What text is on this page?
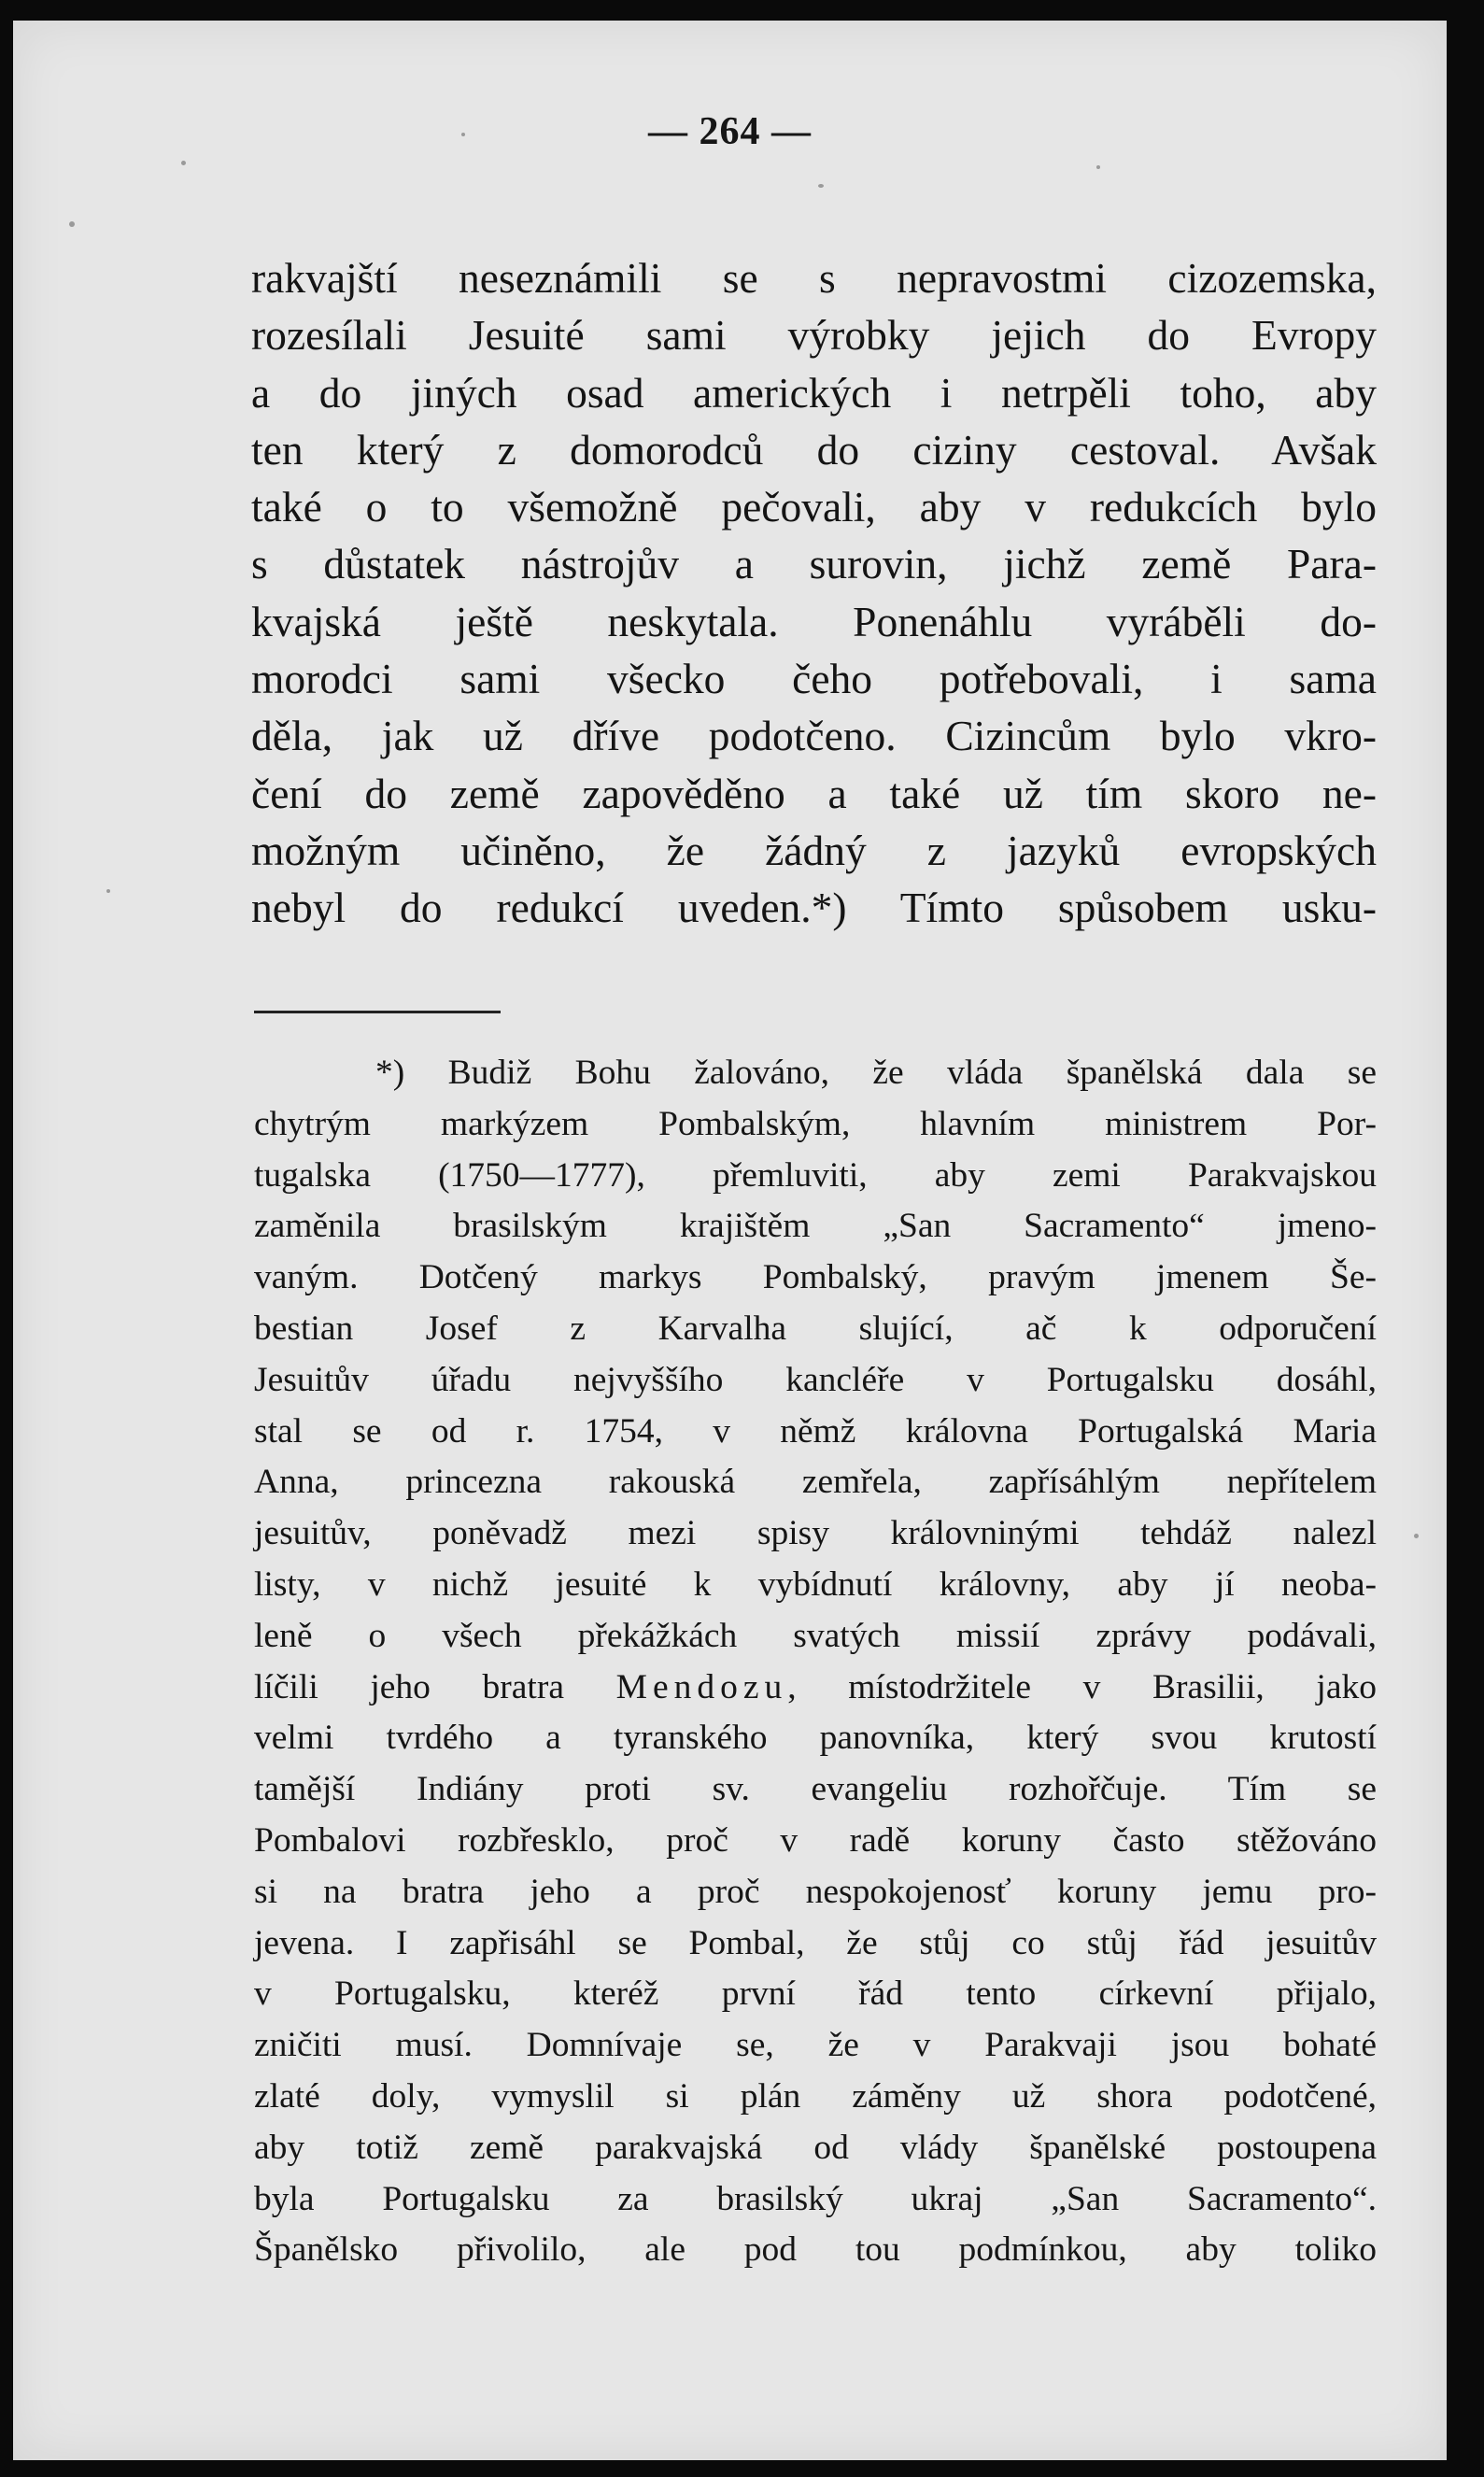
— 264 —
rakvajští neseznámili se s nepravostmi cizozemska,
rozesílali Jesuité sami výrobky jejich do Evropy
a do jiných osad amerických i netrpěli toho, aby
ten který z domorodců do ciziny cestoval. Avšak
také o to všemožně pečovali, aby v redukcích bylo
s důstatek nástrojův a surovin, jichž země Para-
kvajská ještě neskytala. Ponenáhlu vyráběli do-
morodci sami všecko čeho potřebovali, i sama
děla, jak už dříve podotčeno. Cizincům bylo vkro-
čení do země zapověděno a také už tím skoro ne-
možným učiněno, že žádný z jazyků evropských
nebyl do redukcí uveden.*) Tímto spůsobem usku-
*) Budiž Bohu žalováno, že vláda španělská dala se
chytrým markýzem Pombalským, hlavním ministrem Por-
tugalska (1750—1777), přemluviti, aby zemi Parakvajskou
zaměnila brasilským krajištěm „San Sacramento“ jmeno-
vaným. Dotčený markys Pombalský, pravým jmenem Še-
bestian Josef z Karvalha slující, ač k odporučení
Jesuitův úřadu nejvyššího kancléře v Portugalsku dosáhl,
stal se od r. 1754, v němž královna Portugalská Maria
Anna, princezna rakouská zemřela, zapřísáhlým nepřítelem
jesuitův, poněvadž mezi spisy královninými tehdáž nalezl
listy, v nichž jesuité k vybídnutí královny, aby jí neoba-
leně o všech překážkách svatých missií zprávy podávali,
líčili jeho bratra Mendozu, místodržitele v Brasilii, jako
velmi tvrdého a tyranského panovníka, který svou krutostí
tamější Indiány proti sv. evangeliu rozhořčuje. Tím se
Pombalovi rozbřesklo, proč v radě koruny často stěžováno
si na bratra jeho a proč nespokojenosť koruny jemu pro-
jevena. I zapřisáhl se Pombal, že stůj co stůj řád jesuitův
v Portugalsku, kteréž první řád tento církevní přijalo,
zničiti musí. Domnívaje se, že v Parakvaji jsou bohaté
zlaté doly, vymyslil si plán záměny už shora podotčené,
aby totiž země parakvajská od vlády španělské postoupena
byla Portugalsku za brasilský ukraj „San Sacramento“.
Španělsko přivolilo, ale pod tou podmínkou, aby toliko
